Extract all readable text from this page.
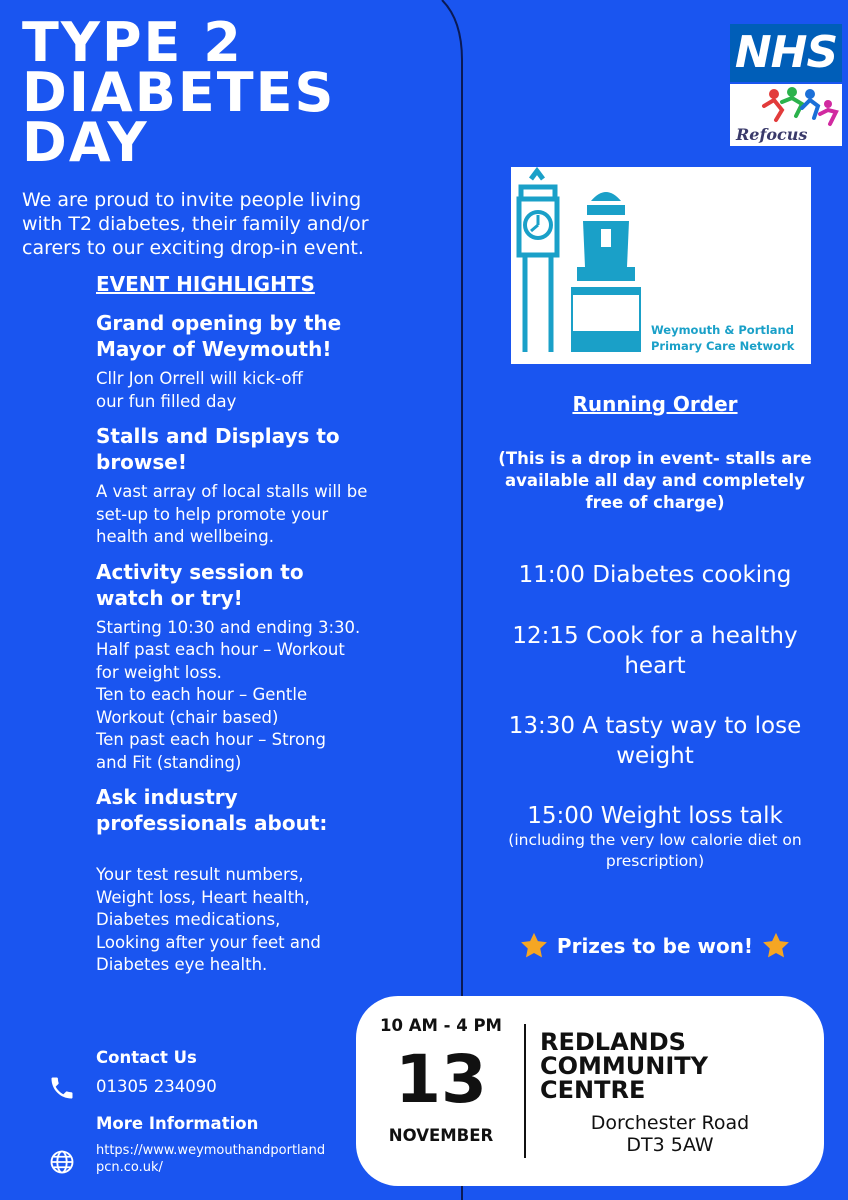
TYPE 2
DIABETES
DAY
We are proud to invite people living
with T2 diabetes, their family and/or
carers to our exciting drop-in event.
EVENT HIGHLIGHTS
Grand opening by the
Mayor of Weymouth!
Cllr Jon Orrell will kick-off
our fun filled day
Stalls and Displays to
browse!
A vast array of local stalls will be
set-up to help promote your
health and wellbeing.
Activity session to
watch or try!
Starting 10:30 and ending 3:30.
Half past each hour – Workout
for weight loss.
Ten to each hour – Gentle
Workout (chair based)
Ten past each hour – Strong
and Fit (standing)
Ask industry
professionals about:
Your test result numbers,
Weight loss, Heart health,
Diabetes medications,
Looking after your feet and
Diabetes eye health.
Contact Us
01305 234090
More Information
https://www.weymouthandportland
pcn.co.uk/
NHS
Refocus
Weymouth & Portland
Primary Care Network
Running Order
(This is a drop in event- stalls are
available all day and completely
free of charge)
11:00 Diabetes cooking
12:15 Cook for a healthy
heart
13:30 A tasty way to lose
weight
15:00 Weight loss talk
(including the very low calorie diet on
prescription)
Prizes to be won!
10 AM - 4 PM
13
NOVEMBER
REDLANDS
COMMUNITY
CENTRE
Dorchester Road
DT3 5AW
